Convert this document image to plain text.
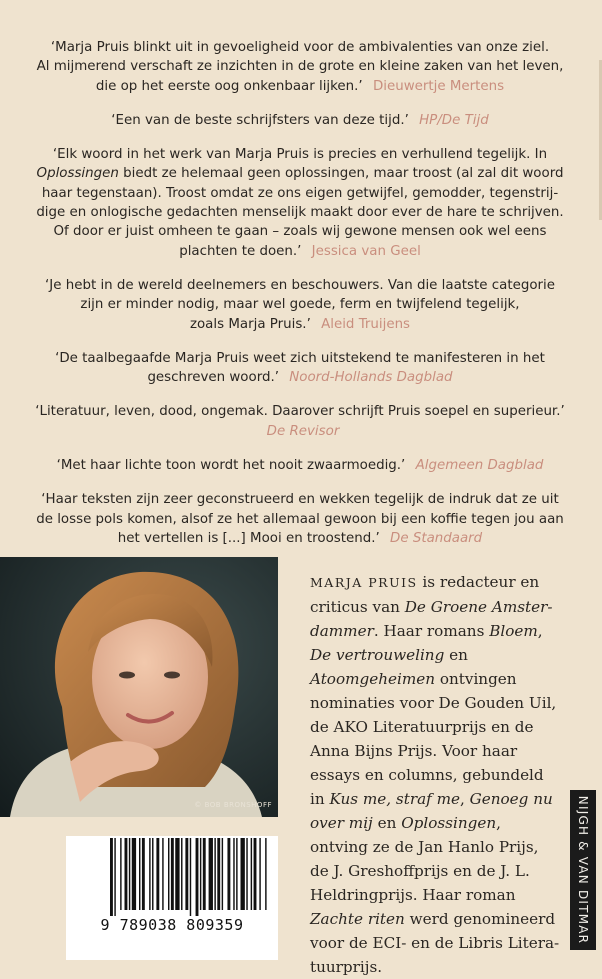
‘Marja Pruis blinkt uit in gevoeligheid voor de ambivalenties van onze ziel.
Al mijmerend verschaft ze inzichten in de grote en kleine zaken van het leven,
die op het eerste oog onkenbaar lijken.’ Dieuwertje Mertens
‘Een van de beste schrijfsters van deze tijd.’ HP/De Tijd
‘Elk woord in het werk van Marja Pruis is precies en verhullend tegelijk. In
Oplossingen biedt ze helemaal geen oplossingen, maar troost (al zal dit woord
haar tegenstaan). Troost omdat ze ons eigen getwijfel, gemodder, tegenstrij-
dige en onlogische gedachten menselijk maakt door ever de hare te schrijven.
Of door er juist omheen te gaan – zoals wij gewone mensen ook wel eens
plachten te doen.’ Jessica van Geel
‘Je hebt in de wereld deelnemers en beschouwers. Van die laatste categorie
zijn er minder nodig, maar wel goede, ferm en twijfelend tegelijk,
zoals Marja Pruis.’ Aleid Truijens
‘De taalbegaafde Marja Pruis weet zich uitstekend te manifesteren in het
geschreven woord.’ Noord-Hollands Dagblad
‘Literatuur, leven, dood, ongemak. Daarover schrijft Pruis soepel en superieur.’
De Revisor
‘Met haar lichte toon wordt het nooit zwaarmoedig.’ Algemeen Dagblad
‘Haar teksten zijn zeer geconstrueerd en wekken tegelijk de indruk dat ze uit
de losse pols komen, alsof ze het allemaal gewoon bij een koffie tegen jou aan
het vertellen is [...] Mooi en troostend.’ De Standaard
© BOB BRONSHOFF

MARJA PRUIS is redacteur en criticus van De Groene Amsterdammer. Haar romans Bloem, De vertrouweling en Atoomgeheimen ontvingen nominaties voor De Gouden Uil, de AKO Literatuurprijs en de Anna Bijns Prijs. Voor haar essays en columns, gebundeld in Kus me, straf me, Genoeg nu over mij en Oplossingen, ontving ze de Jan Hanlo Prijs, de J. Greshoffprijs en de J. L. Heldringprijs. Haar roman Zachte riten werd genomineerd voor de ECI- en de Libris Literatuurprijs.

9 789038 809359	NIJGH & VAN DITMAR
